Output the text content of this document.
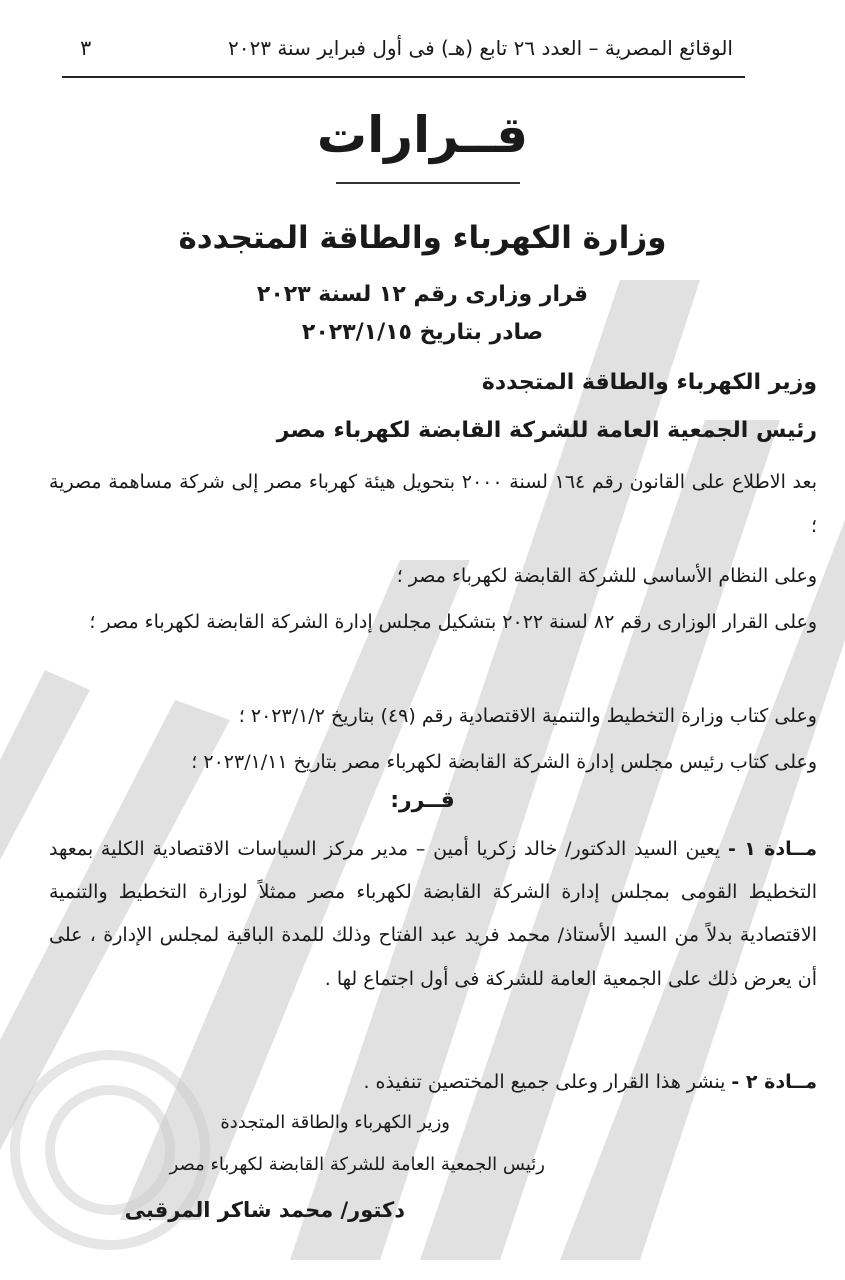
الوقائع المصرية – العدد ٢٦ تابع (هـ) فى أول فبراير سنة ٢٠٢٣
٣
قــرارات
وزارة الكهرباء والطاقة المتجددة
قرار وزارى رقم ١٢ لسنة ٢٠٢٣
صادر بتاريخ ٢٠٢٣/١/١٥
وزير الكهرباء والطاقة المتجددة
رئيس الجمعية العامة للشركة القابضة لكهرباء مصر
بعد الاطلاع على القانون رقم ١٦٤ لسنة ٢٠٠٠ بتحويل هيئة كهرباء مصر إلى شركة مساهمة مصرية ؛
وعلى النظام الأساسى للشركة القابضة لكهرباء مصر ؛
وعلى القرار الوزارى رقم ٨٢ لسنة ٢٠٢٢ بتشكيل مجلس إدارة الشركة القابضة لكهرباء مصر ؛
وعلى كتاب وزارة التخطيط والتنمية الاقتصادية رقم (٤٩) بتاريخ ٢٠٢٣/١/٢ ؛
وعلى كتاب رئيس مجلس إدارة الشركة القابضة لكهرباء مصر بتاريخ ٢٠٢٣/١/١١ ؛
قــرر:
مــادة ١ - يعين السيد الدكتور/ خالد زكريا أمين – مدير مركز السياسات الاقتصادية الكلية بمعهد التخطيط القومى بمجلس إدارة الشركة القابضة لكهرباء مصر ممثلاً لوزارة التخطيط والتنمية الاقتصادية بدلاً من السيد الأستاذ/ محمد فريد عبد الفتاح وذلك للمدة الباقية لمجلس الإدارة ، على أن يعرض ذلك على الجمعية العامة للشركة فى أول اجتماع لها .
مــادة ٢ - ينشر هذا القرار وعلى جميع المختصين تنفيذه .
وزير الكهرباء والطاقة المتجددة
رئيس الجمعية العامة للشركة القابضة لكهرباء مصر
دكتور/ محمد شاكر المرقبى
